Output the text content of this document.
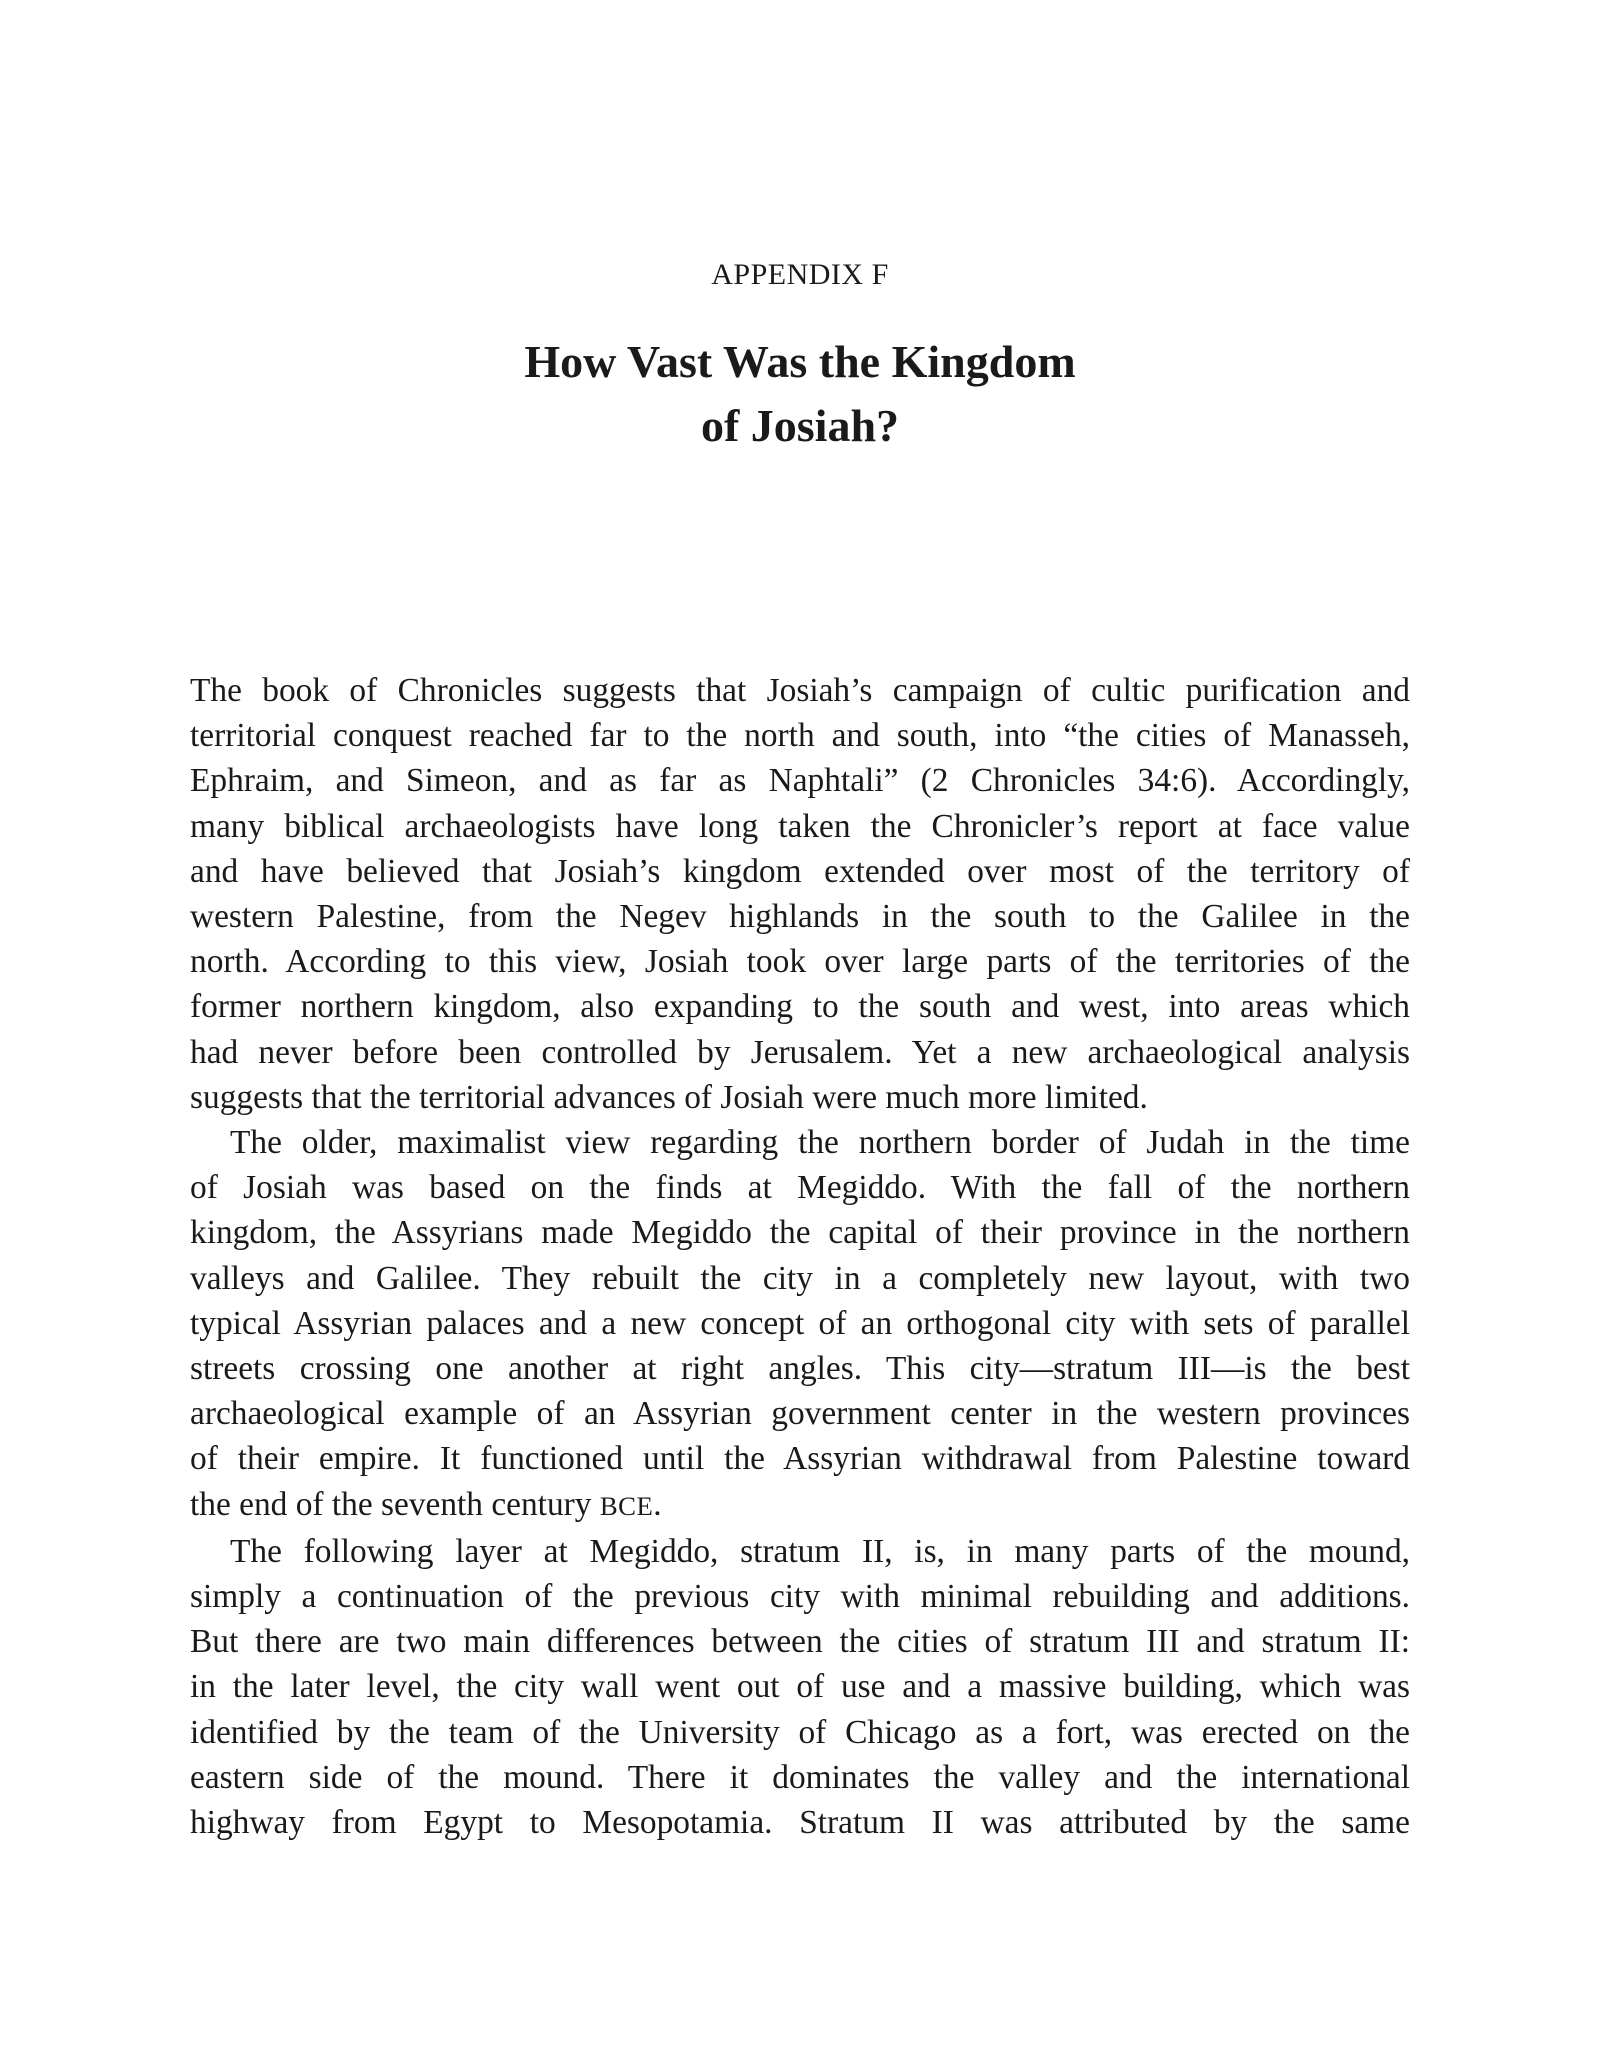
APPENDIX F
How Vast Was the Kingdom
of Josiah?
The book of Chronicles suggests that Josiah’s campaign of cultic purification and
territorial conquest reached far to the north and south, into “the cities of Manasseh,
Ephraim, and Simeon, and as far as Naphtali” (2 Chronicles 34:6). Accordingly,
many biblical archaeologists have long taken the Chronicler’s report at face value
and have believed that Josiah’s kingdom extended over most of the territory of
western Palestine, from the Negev highlands in the south to the Galilee in the
north. According to this view, Josiah took over large parts of the territories of the
former northern kingdom, also expanding to the south and west, into areas which
had never before been controlled by Jerusalem. Yet a new archaeological analysis
suggests that the territorial advances of Josiah were much more limited.
The older, maximalist view regarding the northern border of Judah in the time
of Josiah was based on the finds at Megiddo. With the fall of the northern
kingdom, the Assyrians made Megiddo the capital of their province in the northern
valleys and Galilee. They rebuilt the city in a completely new layout, with two
typical Assyrian palaces and a new concept of an orthogonal city with sets of parallel
streets crossing one another at right angles. This city—stratum III—is the best
archaeological example of an Assyrian government center in the western provinces
of their empire. It functioned until the Assyrian withdrawal from Palestine toward
the end of the seventh century BCE.
The following layer at Megiddo, stratum II, is, in many parts of the mound,
simply a continuation of the previous city with minimal rebuilding and additions.
But there are two main differences between the cities of stratum III and stratum II:
in the later level, the city wall went out of use and a massive building, which was
identified by the team of the University of Chicago as a fort, was erected on the
eastern side of the mound. There it dominates the valley and the international
highway from Egypt to Mesopotamia. Stratum II was attributed by the same
